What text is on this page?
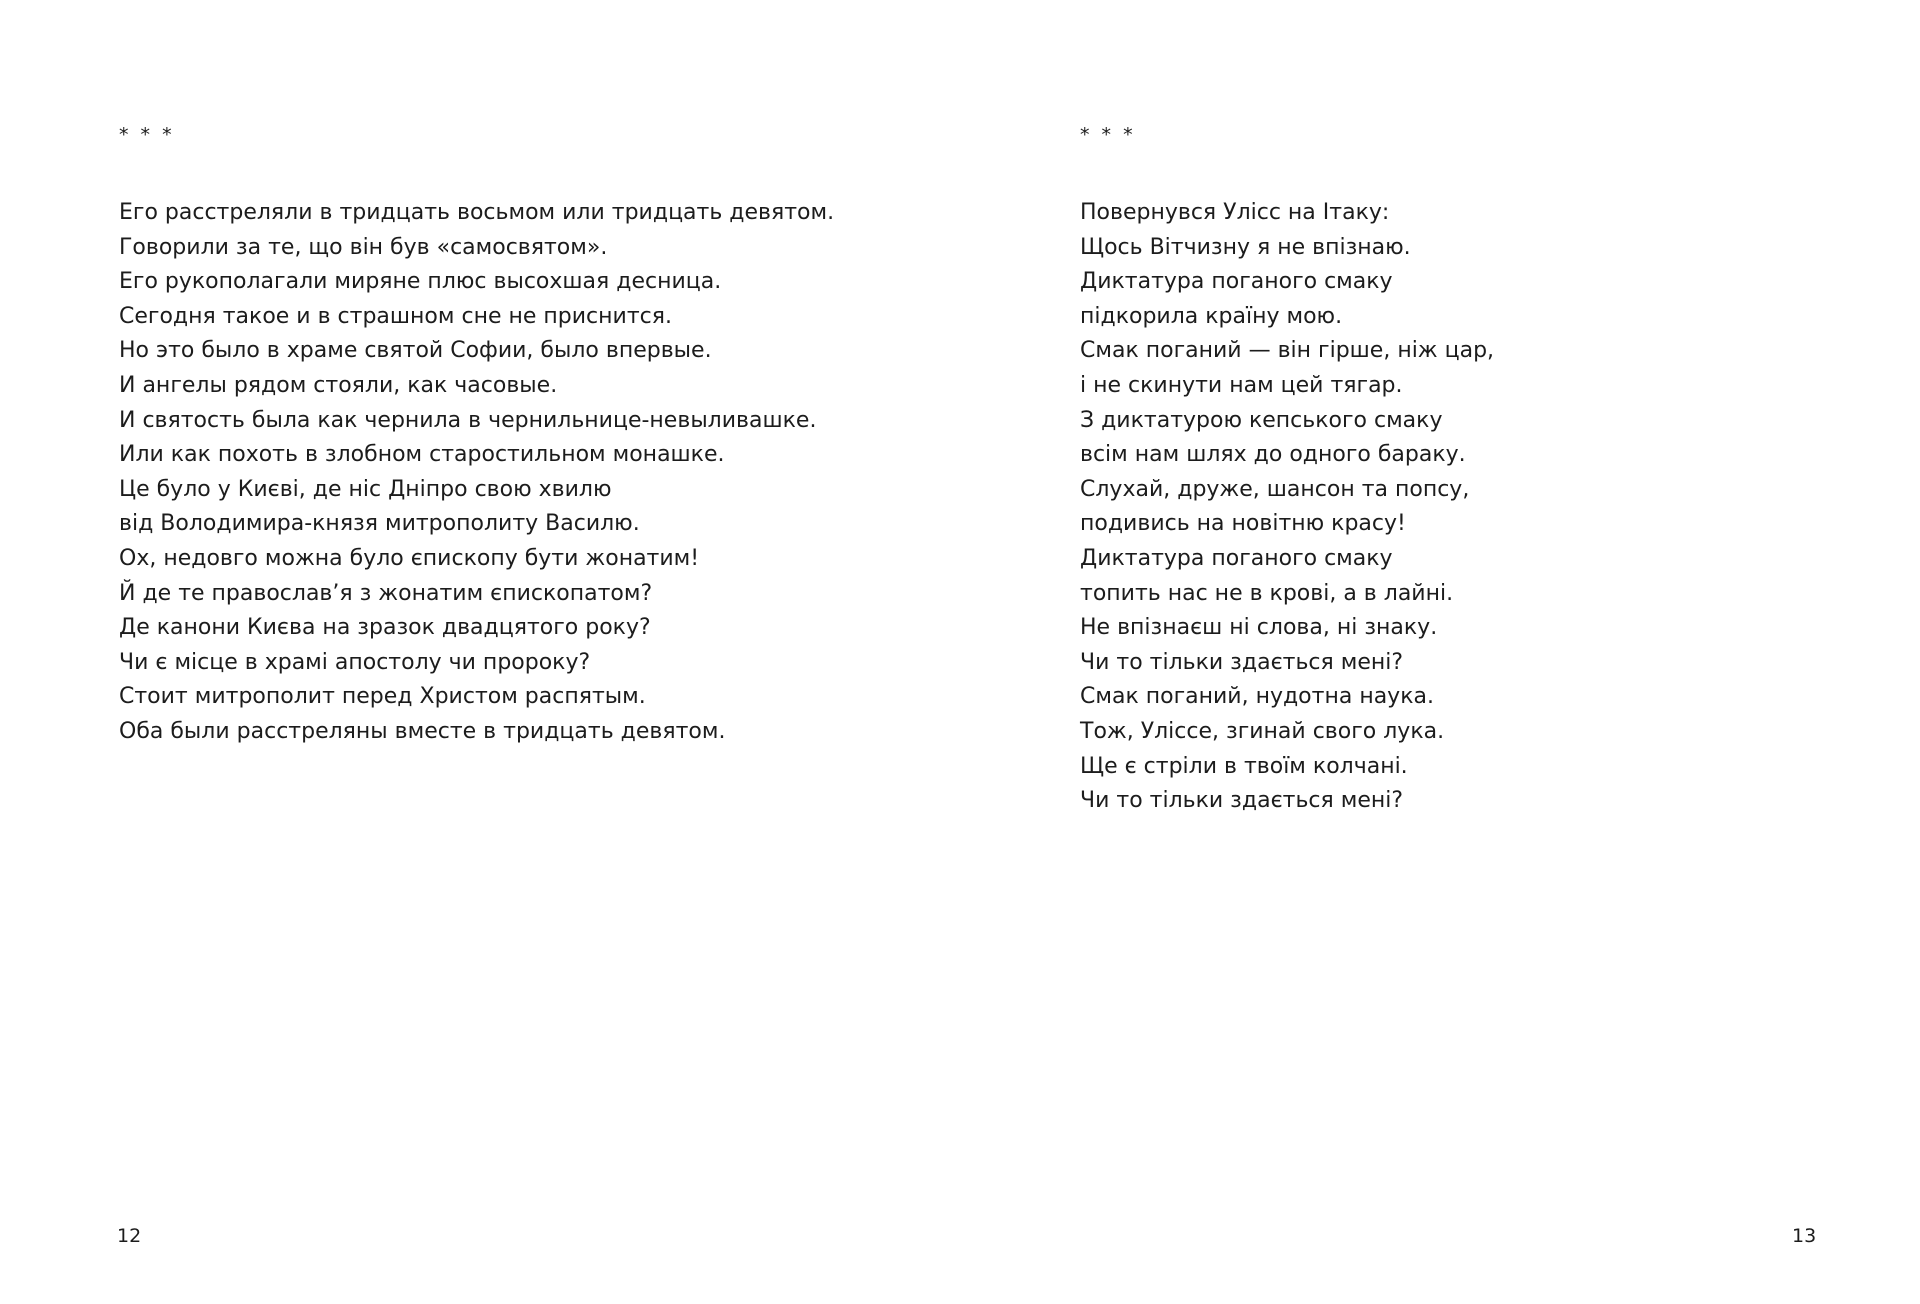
* * *
Его расстреляли в тридцать восьмом или тридцать девятом.
Говорили за те, що він був «самосвятом».
Его рукополагали миряне плюс высохшая десница.
Сегодня такое и в страшном сне не приснится.
Но это было в храме святой Софии, было впервые.
И ангелы рядом стояли, как часовые.
И святость была как чернила в чернильнице-невыливашке.
Или как похоть в злобном старостильном монашке.
Це було у Києві, де ніс Дніпро свою хвилю
від Володимира-князя митрополиту Василю.
Ох, недовго можна було єпископу бути жонатим!
Й де те православ’я з жонатим єпископатом?
Де канони Києва на зразок двадцятого року?
Чи є місце в храмі апостолу чи пророку?
Стоит митрополит перед Христом распятым.
Оба были расстреляны вместе в тридцать девятом.
12
* * *
Повернувся Улісс на Ітаку:
Щось Вітчизну я не впізнаю.
Диктатура поганого смаку
підкорила країну мою.
Смак поганий — він гірше, ніж цар,
і не скинути нам цей тягар.
З диктатурою кепського смаку
всім нам шлях до одного бараку.
Слухай, друже, шансон та попсу,
подивись на новітню красу!
Диктатура поганого смаку
топить нас не в крові, а в лайні.
Не впізнаєш ні слова, ні знаку.
Чи то тільки здається мені?
Смак поганий, нудотна наука.
Тож, Уліссе, згинай свого лука.
Ще є стріли в твоїм колчані.
Чи то тільки здається мені?
13
